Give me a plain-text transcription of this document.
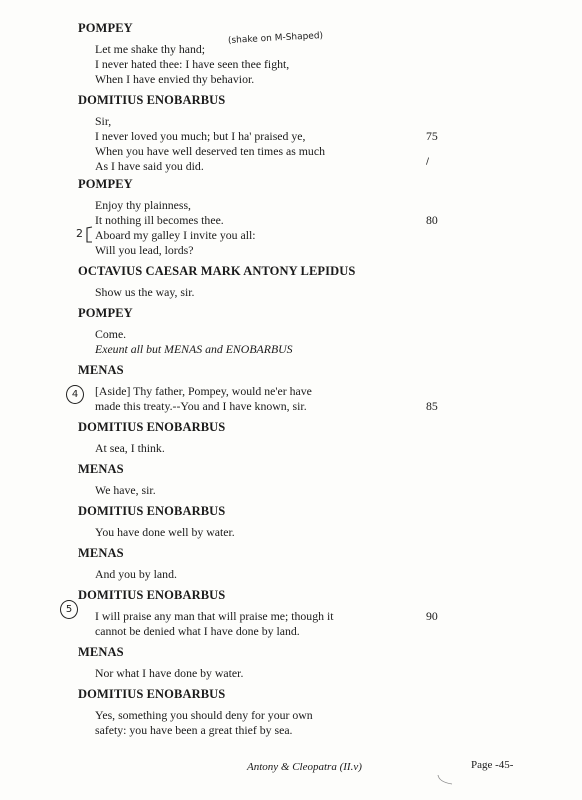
POMPEY
Let me shake thy hand;
I never hated thee: I have seen thee fight,
When I have envied thy behavior.
(shake on M-Shaped)
DOMITIUS ENOBARBUS
Sir,
I never loved you much; but I ha' praised ye,
When you have well deserved ten times as much
As I have said you did.
75
/
POMPEY
Enjoy thy plainness,
It nothing ill becomes thee.
Aboard my galley I invite you all:
Will you lead, lords?
80
2
OCTAVIUS CAESAR MARK ANTONY LEPIDUS
Show us the way, sir.
POMPEY
Come.
Exeunt all but MENAS and ENOBARBUS
MENAS
[Aside] Thy father, Pompey, would ne'er have
made this treaty.--You and I have known, sir.	85
4
DOMITIUS ENOBARBUS
At sea, I think.
MENAS
We have, sir.
DOMITIUS ENOBARBUS
You have done well by water.
MENAS
And you by land.
DOMITIUS ENOBARBUS
I will praise any man that will praise me; though it
cannot be denied what I have done by land.
90
5
MENAS
Nor what I have done by water.
DOMITIUS ENOBARBUS
Yes, something you should deny for your own
safety: you have been a great thief by sea.
Antony & Cleopatra (II.v)	Page -45-
